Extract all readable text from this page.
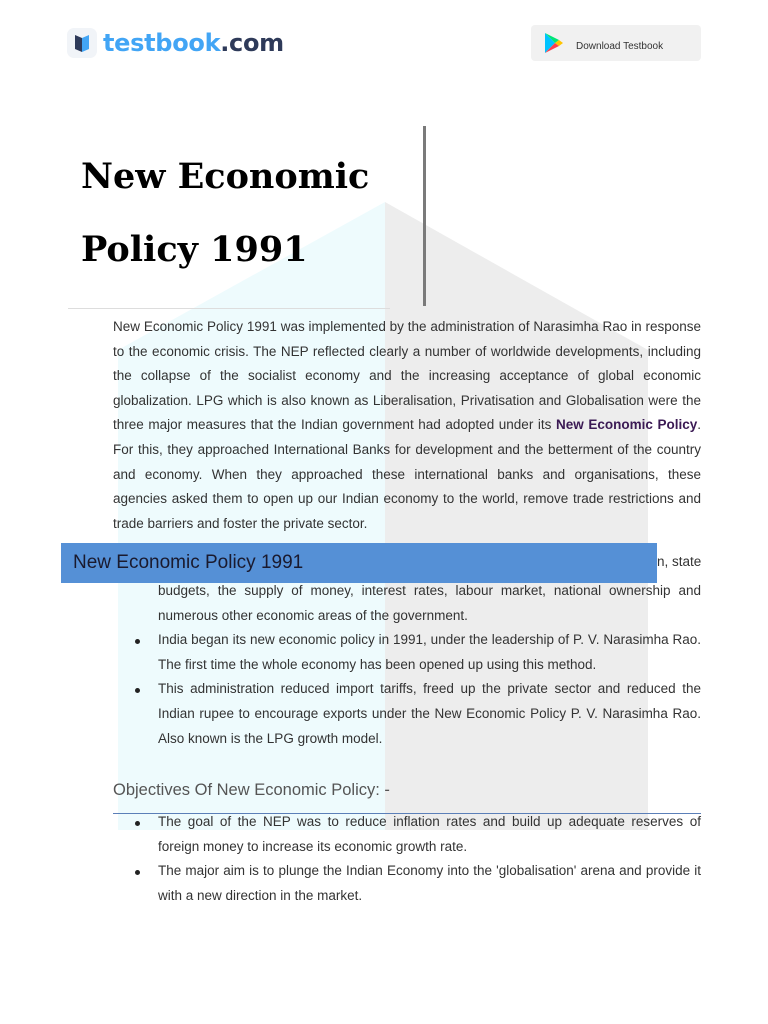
testbook.com	Download Testbook
New Economic
Policy 1991

New Economic Policy 1991 was implemented by the administration of Narasimha Rao in response to the economic crisis. The NEP reflected clearly a number of worldwide developments, including the collapse of the socialist economy and the increasing acceptance of global economic globalization. LPG which is also known as Liberalisation, Privatisation and Globalisation were the three major measures that the Indian government had adopted under its New Economic Policy. For this, they approached International Banks for development and the betterment of the country and economy. When they approached these international banks and organisations, these agencies asked them to open up our Indian economy to the world, remove trade restrictions and trade barriers and foster the private sector.

budgets, the supply of money, interest rates, labour market, national ownership and numerous other economic areas of the government.
India began its new economic policy in 1991, under the leadership of P. V. Narasimha Rao. The first time the whole economy has been opened up using this method.
This administration reduced import tariffs, freed up the private sector and reduced the Indian rupee to encourage exports under the New Economic Policy P. V. Narasimha Rao. Also known is the LPG growth model.
New Economic Policy 1991	n, state
Objectives Of New Economic Policy: -
The goal of the NEP was to reduce inflation rates and build up adequate reserves of foreign money to increase its economic growth rate.
The major aim is to plunge the Indian Economy into the 'globalisation' arena and provide it with a new direction in the market.
